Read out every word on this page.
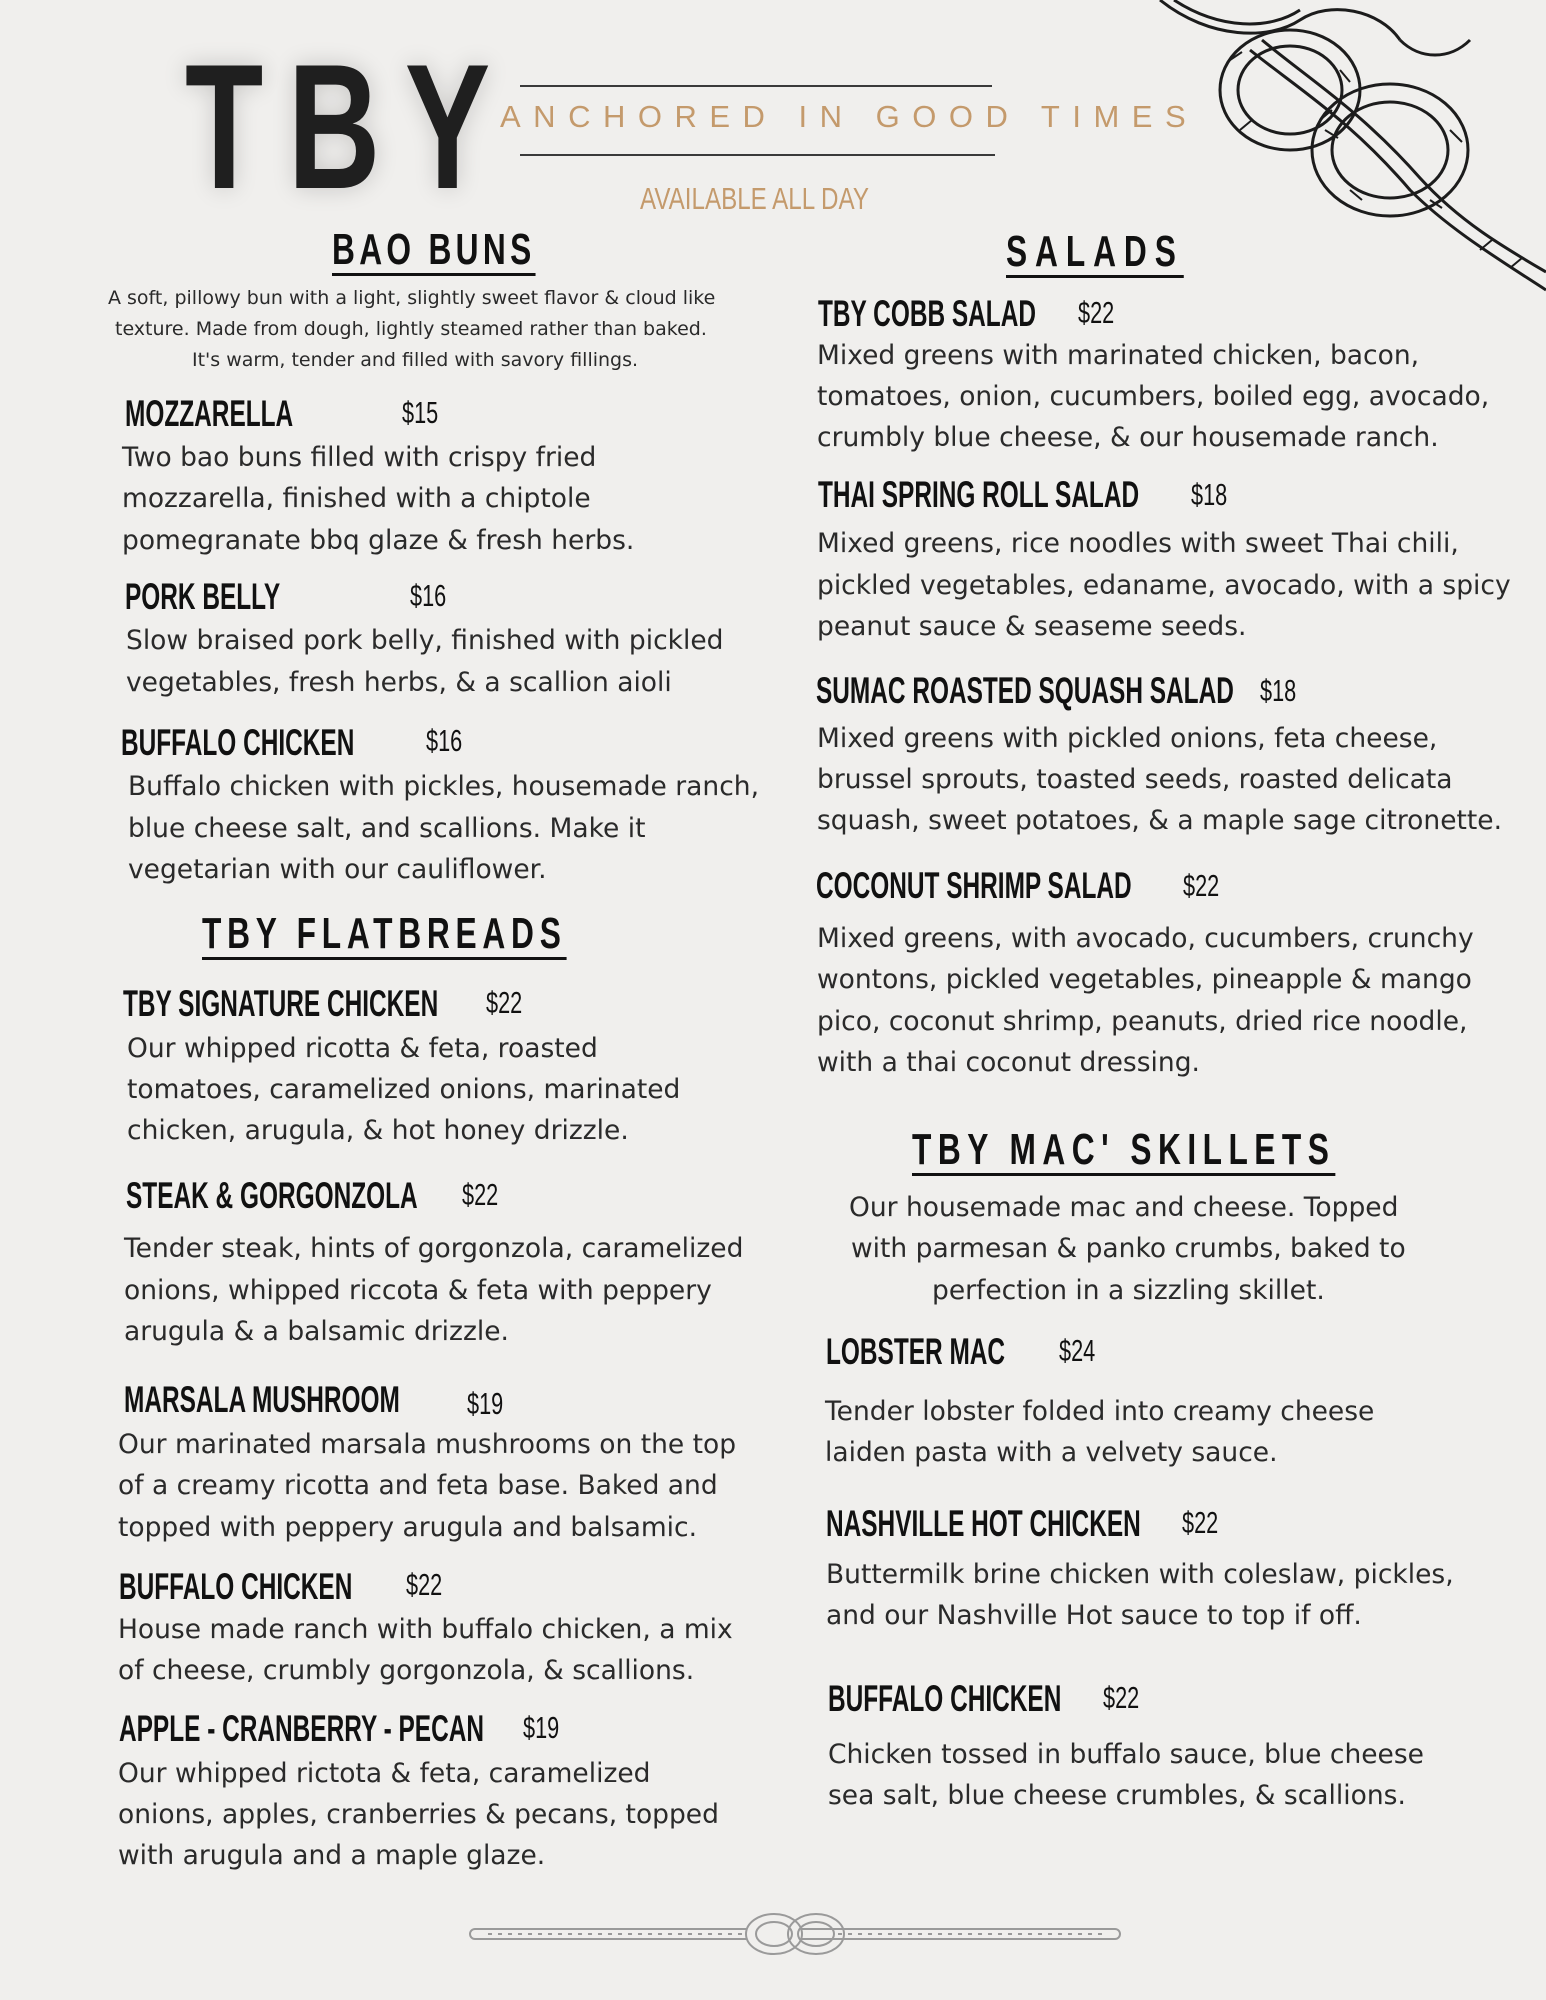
TBY
ANCHORED IN GOOD TIMES
AVAILABLE ALL DAY
BAO BUNS
A soft, pillowy bun with a light, slightly sweet flavor & cloud like
texture. Made from dough, lightly steamed rather than baked.
It's warm, tender and filled with savory fillings.
MOZZARELLA	$15
Two bao buns filled with crispy fried
mozzarella, finished with a chiptole
pomegranate bbq glaze & fresh herbs.
PORK BELLY	$16
Slow braised pork belly, finished with pickled
vegetables, fresh herbs, & a scallion aioli
BUFFALO CHICKEN $16
Buffalo chicken with pickles, housemade ranch,
blue cheese salt, and scallions. Make it
vegetarian with our cauliflower.
TBY FLATBREADS
TBY SIGNATURE CHICKEN $22
Our whipped ricotta & feta, roasted
tomatoes, caramelized onions, marinated
chicken, arugula, & hot honey drizzle.
STEAK & GORGONZOLA $22
Tender steak, hints of gorgonzola, caramelized
onions, whipped riccota & feta with peppery
arugula & a balsamic drizzle.
MARSALA MUSHROOM $19
Our marinated marsala mushrooms on the top
of a creamy ricotta and feta base. Baked and
topped with peppery arugula and balsamic.
BUFFALO CHICKEN $22
House made ranch with buffalo chicken, a mix
of cheese, crumbly gorgonzola, & scallions.
APPLE - CRANBERRY - PECAN $19
Our whipped rictota & feta, caramelized
onions, apples, cranberries & pecans, topped
with arugula and a maple glaze.
SALADS
TBY COBB SALAD $22
Mixed greens with marinated chicken, bacon,
tomatoes, onion, cucumbers, boiled egg, avocado,
crumbly blue cheese, & our housemade ranch.
THAI SPRING ROLL SALAD $18
Mixed greens, rice noodles with sweet Thai chili,
pickled vegetables, edaname, avocado, with a spicy
peanut sauce & seaseme seeds.
SUMAC ROASTED SQUASH SALAD $18
Mixed greens with pickled onions, feta cheese,
brussel sprouts, toasted seeds, roasted delicata
squash, sweet potatoes, & a maple sage citronette.
COCONUT SHRIMP SALAD $22
Mixed greens, with avocado, cucumbers, crunchy
wontons, pickled vegetables, pineapple & mango
pico, coconut shrimp, peanuts, dried rice noodle,
with a thai coconut dressing.
TBY MAC' SKILLETS
Our housemade mac and cheese. Topped
with parmesan & panko crumbs, baked to
perfection in a sizzling skillet.
LOBSTER MAC $24
Tender lobster folded into creamy cheese
laiden pasta with a velvety sauce.
NASHVILLE HOT CHICKEN $22
Buttermilk brine chicken with coleslaw, pickles,
and our Nashville Hot sauce to top if off.
BUFFALO CHICKEN $22
Chicken tossed in buffalo sauce, blue cheese
sea salt, blue cheese crumbles, & scallions.
